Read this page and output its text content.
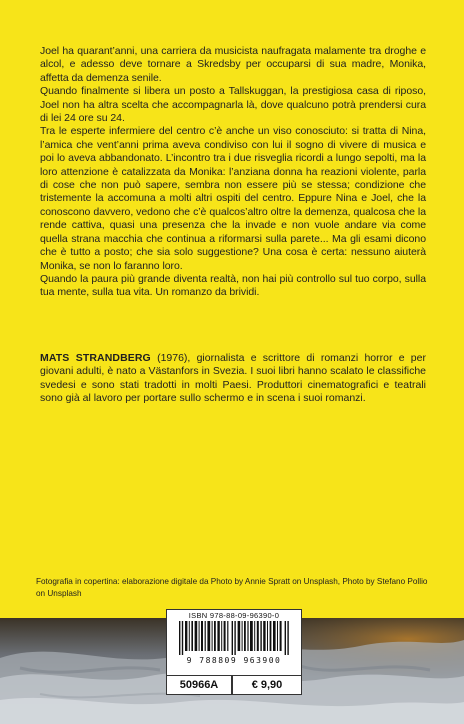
Joel ha quarant’anni, una carriera da musicista naufragata malamente tra droghe e alcol, e adesso deve tornare a Skredsby per occuparsi di sua madre, Monika, affetta da demenza senile.

Quando finalmente si libera un posto a Tallskuggan, la prestigiosa casa di riposo, Joel non ha altra scelta che accompagnarla là, dove qualcuno potrà prendersi cura di lei 24 ore su 24.

Tra le esperte infermiere del centro c’è anche un viso conosciuto: si tratta di Nina, l’amica che vent’anni prima aveva condiviso con lui il sogno di vivere di musica e poi lo aveva abbandonato. L’incontro tra i due risveglia ricordi a lungo sepolti, ma la loro attenzione è catalizzata da Monika: l’anziana donna ha reazioni violente, parla di cose che non può sapere, sembra non essere più se stessa; condizione che tristemente la accomuna a molti altri ospiti del centro. Eppure Nina e Joel, che la conoscono davvero, vedono che c’è qualcos’altro oltre la demenza, qualcosa che la rende cattiva, quasi una presenza che la invade e non vuole andare via come quella strana macchia che continua a riformarsi sulla parete... Ma gli esami dicono che è tutto a posto; che sia solo suggestione? Una cosa è certa: nessuno aiuterà Monika, se non lo faranno loro.

Quando la paura più grande diventa realtà, non hai più controllo sul tuo corpo, sulla tua mente, sulla tua vita. Un romanzo da brividi.

MATS STRANDBERG (1976), giornalista e scrittore di romanzi horror e per giovani adulti, è nato a Västanfors in Svezia. I suoi libri hanno scalato le classifiche svedesi e sono stati tradotti in molti Paesi. Produttori cinematografici e teatrali sono già al lavoro per portare sullo schermo e in scena i suoi romanzi.

Fotografia in copertina: elaborazione digitale da Photo by Annie Spratt on Unsplash, Photo by Stefano Pollio on Unsplash
ISBN 978-88-09-96390-0
9 788809 963900
50966A	€ 9,90
